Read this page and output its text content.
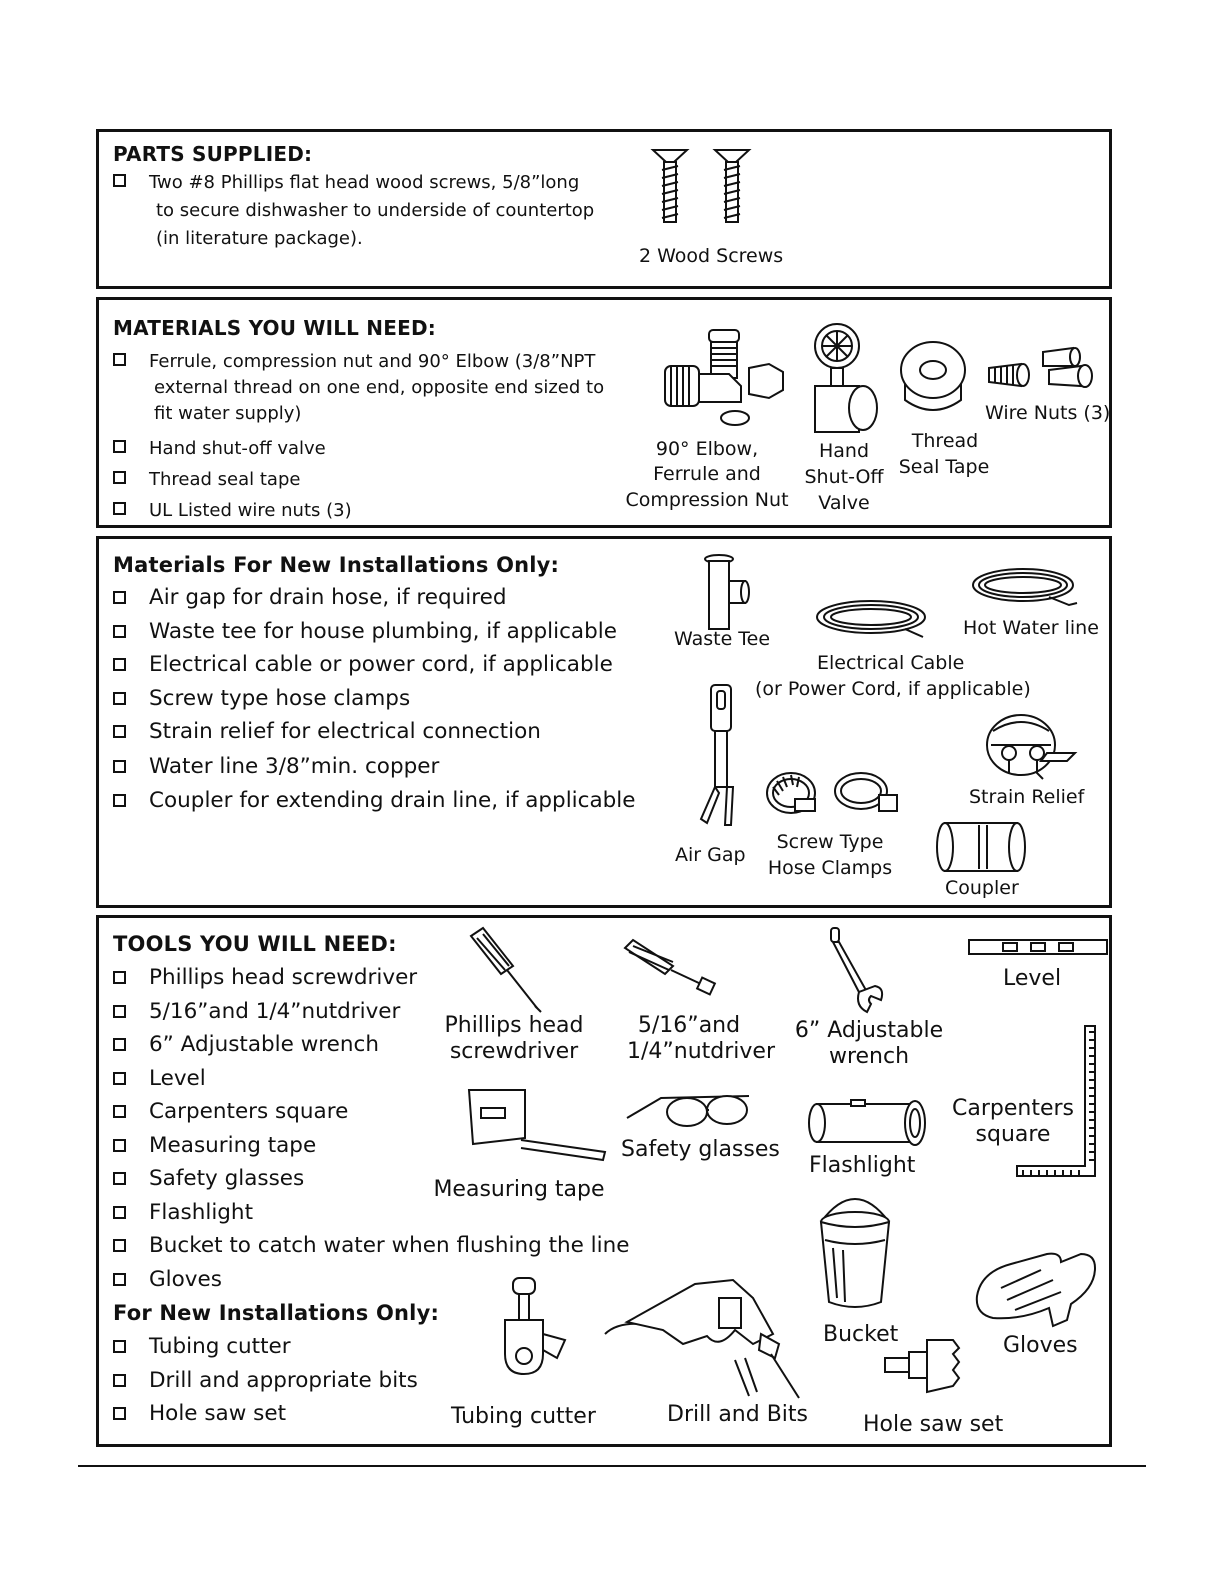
PARTS SUPPLIED:
Two #8 Phillips flat head wood screws, 5/8”long
to secure dishwasher to underside of countertop
(in literature package).
2 Wood Screws
MATERIALS YOU WILL NEED:
Ferrule, compression nut and 90° Elbow (3/8”NPT
external thread on one end, opposite end sized to
fit water supply)
Hand shut-off valve
Thread seal tape
UL Listed wire nuts (3)
90° Elbow,
Ferrule and
Compression Nut
Hand
Shut-Off
Valve
Thread
Seal Tape
Wire Nuts (3)
Materials For New Installations Only:
Air gap for drain hose, if required
Waste tee for house plumbing, if applicable
Electrical cable or power cord, if applicable
Screw type hose clamps
Strain relief for electrical connection
Water line 3/8”min. copper
Coupler for extending drain line, if applicable
Waste Tee	Hot Water line
Electrical Cable
(or Power Cord, if applicable)
Air Gap
Screw Type
Hose Clamps
Strain Relief
Coupler
TOOLS YOU WILL NEED:
Phillips head screwdriver
5/16”and 1/4”nutdriver
6” Adjustable wrench
Level
Carpenters square
Measuring tape
Safety glasses
Flashlight
Bucket to catch water when flushing the line
Gloves
For New Installations Only:
Tubing cutter
Drill and appropriate bits
Hole saw set
Phillips head
screwdriver
5/16”and
1/4”nutdriver
6” Adjustable
wrench
Level
Carpenters
square
Measuring tape
Safety glasses
Flashlight
Bucket	Gloves
Tubing cutter	Drill and Bits	Hole saw set
